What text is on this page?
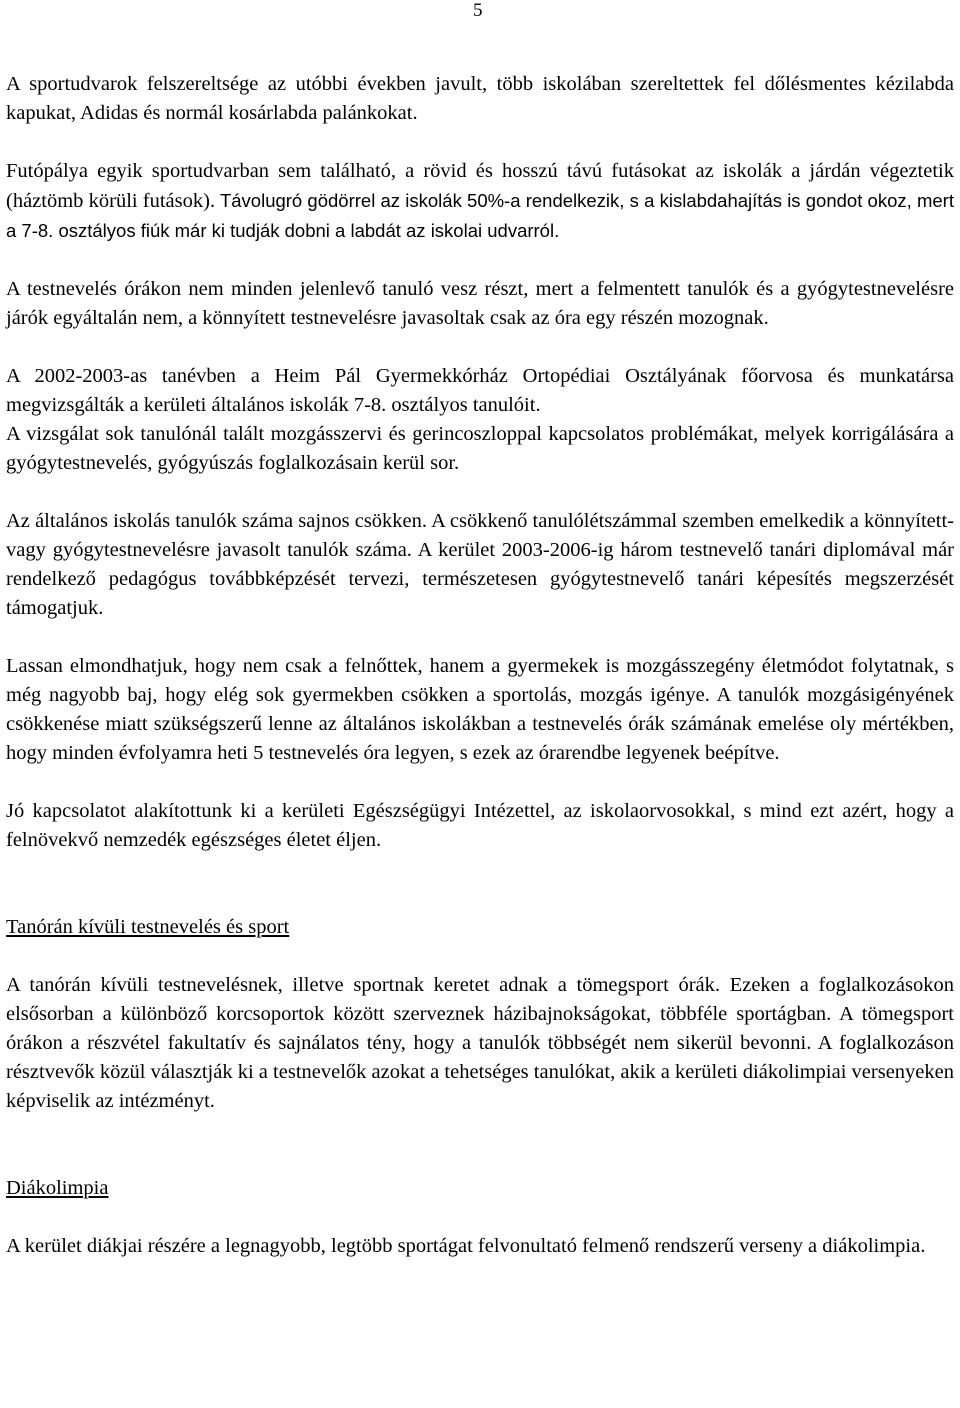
5

A sportudvarok felszereltsége az utóbbi években javult, több iskolában szereltettek fel dőlésmentes kézilabda kapukat, Adidas és normál kosárlabda palánkokat.

Futópálya egyik sportudvarban sem található, a rövid és hosszú távú futásokat az iskolák a járdán végeztetik (háztömb körüli futások). Távolugró gödörrel az iskolák 50%-a rendelkezik, s a kislabdahajítás is gondot okoz, mert a 7-8. osztályos fiúk már ki tudják dobni a labdát az iskolai udvarról.

A testnevelés órákon nem minden jelenlevő tanuló vesz részt, mert a felmentett tanulók és a gyógytestnevelésre járók egyáltalán nem, a könnyített testnevelésre javasoltak csak az óra egy részén mozognak.

A 2002-2003-as tanévben a Heim Pál Gyermekkórház Ortopédiai Osztályának főorvosa és munkatársa megvizsgálták a kerületi általános iskolák 7-8. osztályos tanulóit.

A vizsgálat sok tanulónál talált mozgásszervi és gerincoszloppal kapcsolatos problémákat, melyek korrigálására a gyógytestnevelés, gyógyúszás foglalkozásain kerül sor.

Az általános iskolás tanulók száma sajnos csökken. A csökkenő tanulólétszámmal szemben emelkedik a könnyített- vagy gyógytestnevelésre javasolt tanulók száma. A kerület 2003-2006-ig három testnevelő tanári diplomával már rendelkező pedagógus továbbképzését tervezi, természetesen gyógytestnevelő tanári képesítés megszerzését támogatjuk.

Lassan elmondhatjuk, hogy nem csak a felnőttek, hanem a gyermekek is mozgásszegény életmódot folytatnak, s még nagyobb baj, hogy elég sok gyermekben csökken a sportolás, mozgás igénye. A tanulók mozgásigényének csökkenése miatt szükségszerű lenne az általános iskolákban a testnevelés órák számának emelése oly mértékben, hogy minden évfolyamra heti 5 testnevelés óra legyen, s ezek az órarendbe legyenek beépítve.

Jó kapcsolatot alakítottunk ki a kerületi Egészségügyi Intézettel, az iskolaorvosokkal, s mind ezt azért, hogy a felnövekvő nemzedék egészséges életet éljen.

Tanórán kívüli testnevelés és sport

A tanórán kívüli testnevelésnek, illetve sportnak keretet adnak a tömegsport órák. Ezeken a foglalkozásokon elsősorban a különböző korcsoportok között szerveznek házibajnokságokat, többféle sportágban. A tömegsport órákon a részvétel fakultatív és sajnálatos tény, hogy a tanulók többségét nem sikerül bevonni. A foglalkozáson résztvevők közül választják ki a testnevelők azokat a tehetséges tanulókat, akik a kerületi diákolimpiai versenyeken képviselik az intézményt.

Diákolimpia

A kerület diákjai részére a legnagyobb, legtöbb sportágat felvonultató felmenő rendszerű verseny a diákolimpia.
